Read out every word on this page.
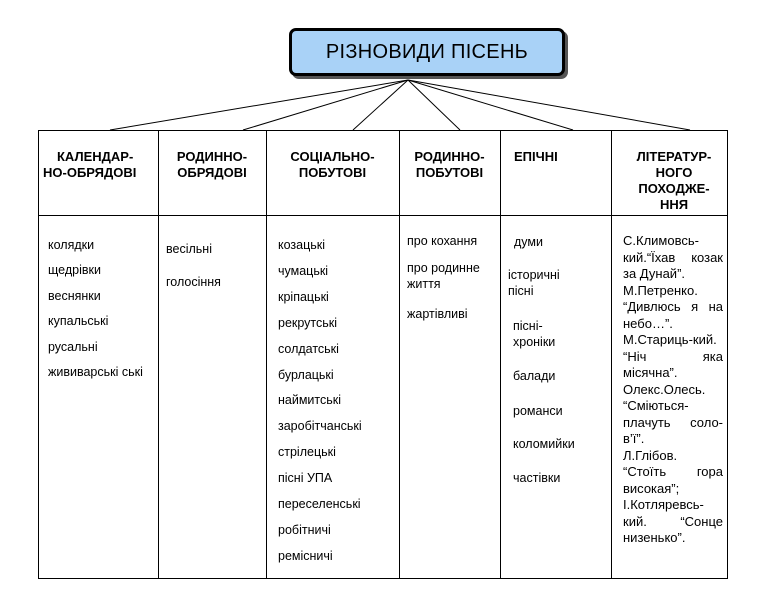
РІЗНОВИДИ ПІСЕНЬ
КАЛЕНДАР-
НО-ОБРЯДОВІ
РОДИННО-
ОБРЯДОВІ
СОЦІАЛЬНО-
ПОБУТОВІ
РОДИННО-
ПОБУТОВІ
ЕПІЧНІ	ЛІТЕРАТУР-
НОГО
ПОХОДЖЕ-
ННЯ
колядки
щедрівки
веснянки
купальські
русальні
жививарські ські
весільні
голосіння
козацькі
чумацькі
кріпацькі
рекрутські
солдатські
бурлацькі
наймитські
заробітчанські
стрілецькі
пісні УПА
переселенські
робітничі
ремісничі
про кохання
про родинне життя
жартівливі
думи
історичні пісні
пісні-хроніки
балади
романси
коломийки
частівки
С.Климовсь-кий.“Їхав козак за Дунай”.
М.Петренко. “Дивлюсь я на небо…”.
М.Стариць-кий. “Ніч яка місячна”.
Олекс.Олесь. “Сміються-плачуть соло-в’ї”.
Л.Глібов. “Стоїть гора високая”;
І.Котляревсь-кий. “Сонце низенько”.
